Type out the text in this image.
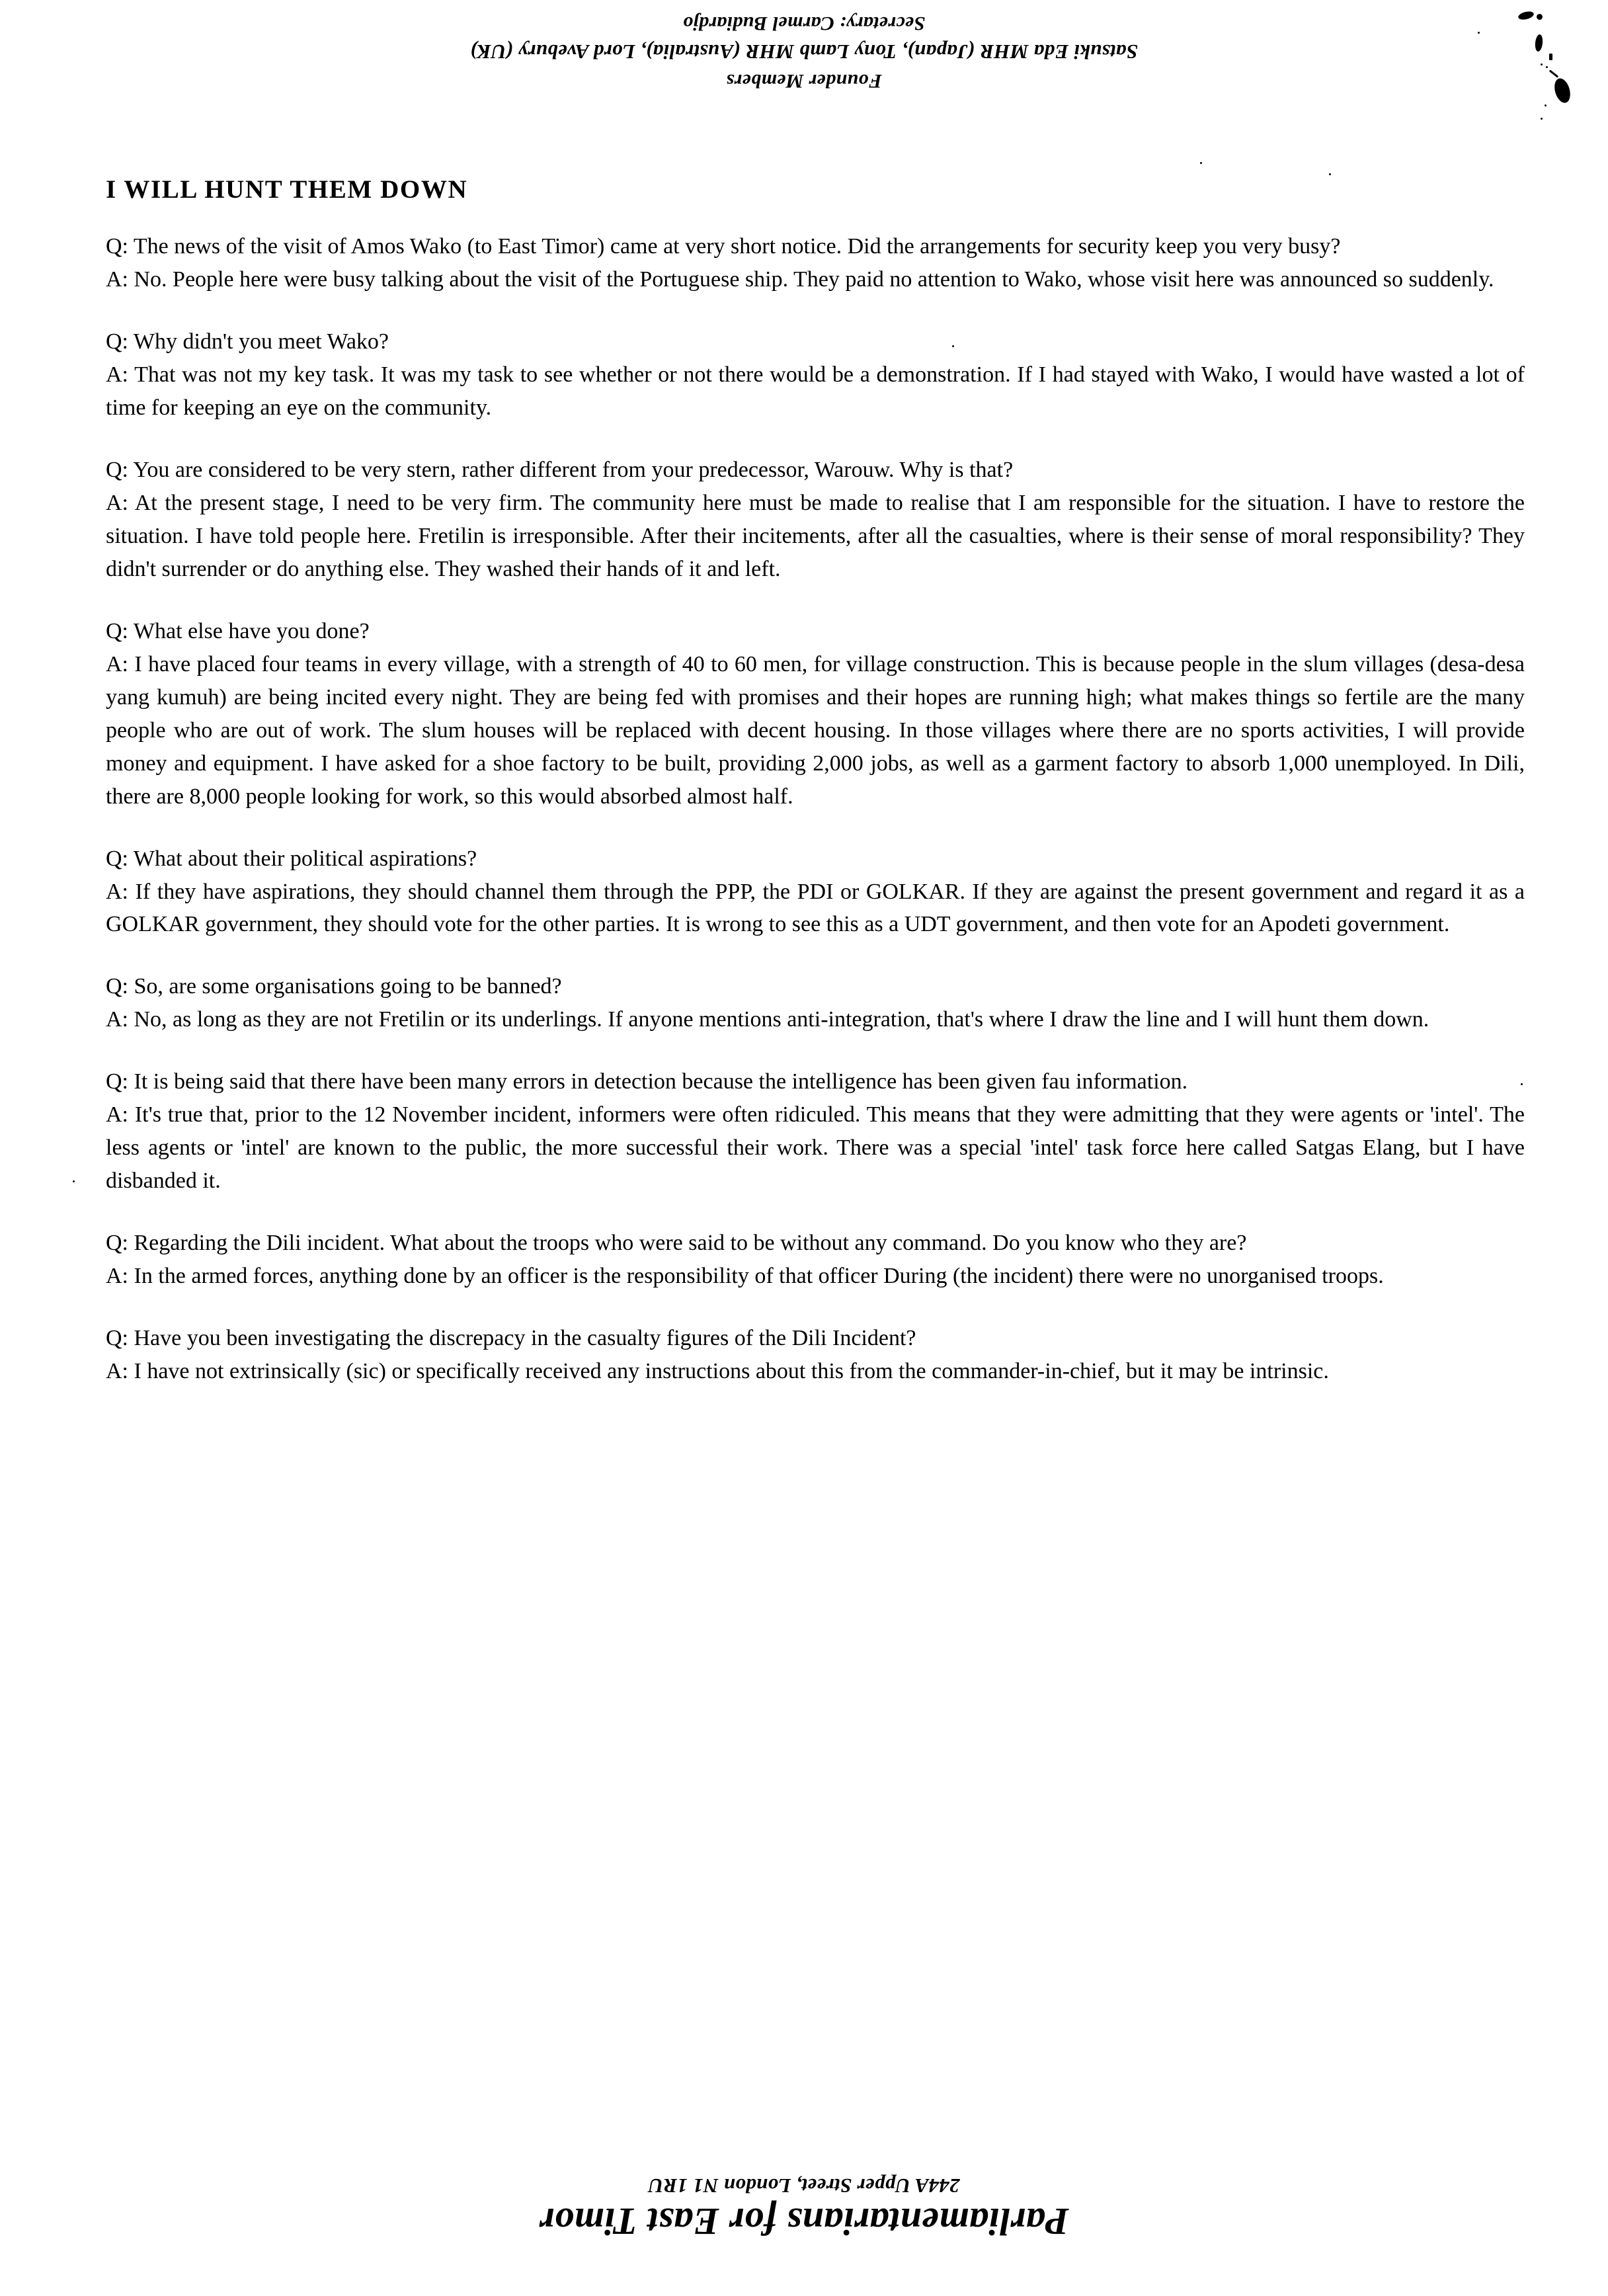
Founder Members
Satsuki Eda MHR (Japan), Tony Lamb MHR (Australia), Lord Avebury (UK)
Secretary: Carmel Budiardjo
I WILL HUNT THEM DOWN

Q: The news of the visit of Amos Wako (to East Timor) came at very short notice. Did the arrangements for security keep you very busy?

A: No. People here were busy talking about the visit of the Portuguese ship. They paid no attention to Wako, whose visit here was announced so suddenly.

Q: Why didn't you meet Wako?

A: That was not my key task. It was my task to see whether or not there would be a demonstration. If I had stayed with Wako, I would have wasted a lot of time for keeping an eye on the community.

Q: You are considered to be very stern, rather different from your predecessor, Warouw. Why is that?

A: At the present stage, I need to be very firm. The community here must be made to realise that I am responsible for the situation. I have to restore the situation. I have told people here. Fretilin is irresponsible. After their incitements, after all the casualties, where is their sense of moral responsibility? They didn't surrender or do anything else. They washed their hands of it and left.

Q: What else have you done?

A: I have placed four teams in every village, with a strength of 40 to 60 men, for village construction. This is because people in the slum villages (desa-desa yang kumuh) are being incited every night. They are being fed with promises and their hopes are running high; what makes things so fertile are the many people who are out of work. The slum houses will be replaced with decent housing. In those villages where there are no sports activities, I will provide money and equipment. I have asked for a shoe factory to be built, providing 2,000 jobs, as well as a garment factory to absorb 1,000 unemployed. In Dili, there are 8,000 people looking for work, so this would absorbed almost half.

Q: What about their political aspirations?

A: If they have aspirations, they should channel them through the PPP, the PDI or GOLKAR. If they are against the present government and regard it as a GOLKAR government, they should vote for the other parties. It is wrong to see this as a UDT government, and then vote for an Apodeti government.

Q: So, are some organisations going to be banned?

A: No, as long as they are not Fretilin or its underlings. If anyone mentions anti-integration, that's where I draw the line and I will hunt them down.

Q: It is being said that there have been many errors in detection because the intelligence has been given fau information.

A: It's true that, prior to the 12 November incident, informers were often ridiculed. This means that they were admitting that they were agents or 'intel'. The less agents or 'intel' are known to the public, the more successful their work. There was a special 'intel' task force here called Satgas Elang, but I have disbanded it.

Q: Regarding the Dili incident. What about the troops who were said to be without any command. Do you know who they are?

A: In the armed forces, anything done by an officer is the responsibility of that officer During (the incident) there were no unorganised troops.

Q: Have you been investigating the discrepacy in the casualty figures of the Dili Incident?

A: I have not extrinsically (sic) or specifically received any instructions about this from the commander-in-chief, but it may be intrinsic.

Parliamentarians for East Timor
244A Upper Street, London N1 1RU
